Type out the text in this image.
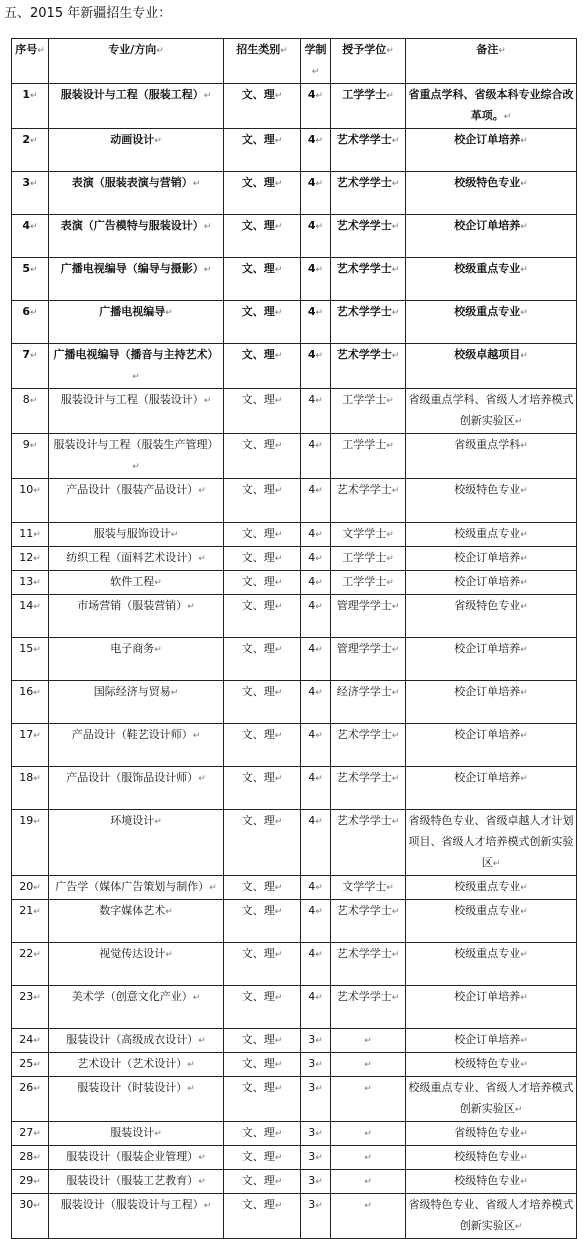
五、2015 年新疆招生专业：
序号↵	专业/方向↵	招生类别↵	学制↵	授予学位↵	备注↵
1↵	服装设计与工程（服装工程）↵	文、理↵	4↵	工学学士↵	省重点学科、省级本科专业综合改革项。↵
2↵	动画设计↵	文、理↵	4↵	艺术学学士↵	校企订单培养↵
3↵	表演（服装表演与营销）↵	文、理↵	4↵	艺术学学士↵	校级特色专业↵
4↵	表演（广告模特与服装设计）↵	文、理↵	4↵	艺术学学士↵	校企订单培养↵
5↵	广播电视编导（编导与摄影）↵	文、理↵	4↵	艺术学学士↵	校级重点专业↵
6↵	广播电视编导↵	文、理↵	4↵	艺术学学士↵	校级重点专业↵
7↵	广播电视编导（播音与主持艺术）↵	文、理↵	4↵	艺术学学士↵	校级卓越项目↵
8↵	服装设计与工程（服装设计）↵	文、理↵	4↵	工学学士↵	省级重点学科、省级人才培养模式创新实验区↵
9↵	服装设计与工程（服装生产管理）↵	文、理↵	4↵	工学学士↵	省级重点学科↵
10↵	产品设计（服装产品设计）↵	文、理↵	4↵	艺术学学士↵	校级特色专业↵
11↵	服装与服饰设计↵	文、理↵	4↵	文学学士↵	校级重点专业↵
12↵	纺织工程（面料艺术设计）↵	文、理↵	4↵	工学学士↵	校企订单培养↵
13↵	软件工程↵	文、理↵	4↵	工学学士↵	校企订单培养↵
14↵	市场营销（服装营销）↵	文、理↵	4↵	管理学学士↵	省级特色专业↵
15↵	电子商务↵	文、理↵	4↵	管理学学士↵	校企订单培养↵
16↵	国际经济与贸易↵	文、理↵	4↵	经济学学士↵	校企订单培养↵
17↵	产品设计（鞋艺设计师）↵	文、理↵	4↵	艺术学学士↵	校企订单培养↵
18↵	产品设计（服饰品设计师）↵	文、理↵	4↵	艺术学学士↵	校企订单培养↵
19↵	环境设计↵	文、理↵	4↵	艺术学学士↵	省级特色专业、省级卓越人才计划项目、省级人才培养模式创新实验区↵
20↵	广告学（媒体广告策划与制作）↵	文、理↵	4↵	文学学士↵	校级重点专业↵
21↵	数字媒体艺术↵	文、理↵	4↵	艺术学学士↵	校级重点专业↵
22↵	视觉传达设计↵	文、理↵	4↵	艺术学学士↵	校级重点专业↵
23↵	美术学（创意文化产业）↵	文、理↵	4↵	艺术学学士↵	校企订单培养↵
24↵	服装设计（高级成衣设计）↵	文、理↵	3↵	↵	校企订单培养↵
25↵	艺术设计（艺术设计）↵	文、理↵	3↵	↵	校级特色专业↵
26↵	服装设计（时装设计）↵	文、理↵	3↵	↵	校级重点专业、省级人才培养模式创新实验区↵
27↵	服装设计↵	文、理↵	3↵	↵	省级特色专业↵
28↵	服装设计（服装企业管理）↵	文、理↵	3↵	↵	校级特色专业↵
29↵	服装设计（服装工艺教育）↵	文、理↵	3↵	↵	校级特色专业↵
30↵	服装设计（服装设计与工程）↵	文、理↵	3↵	↵	省级特色专业、省级人才培养模式创新实验区↵
